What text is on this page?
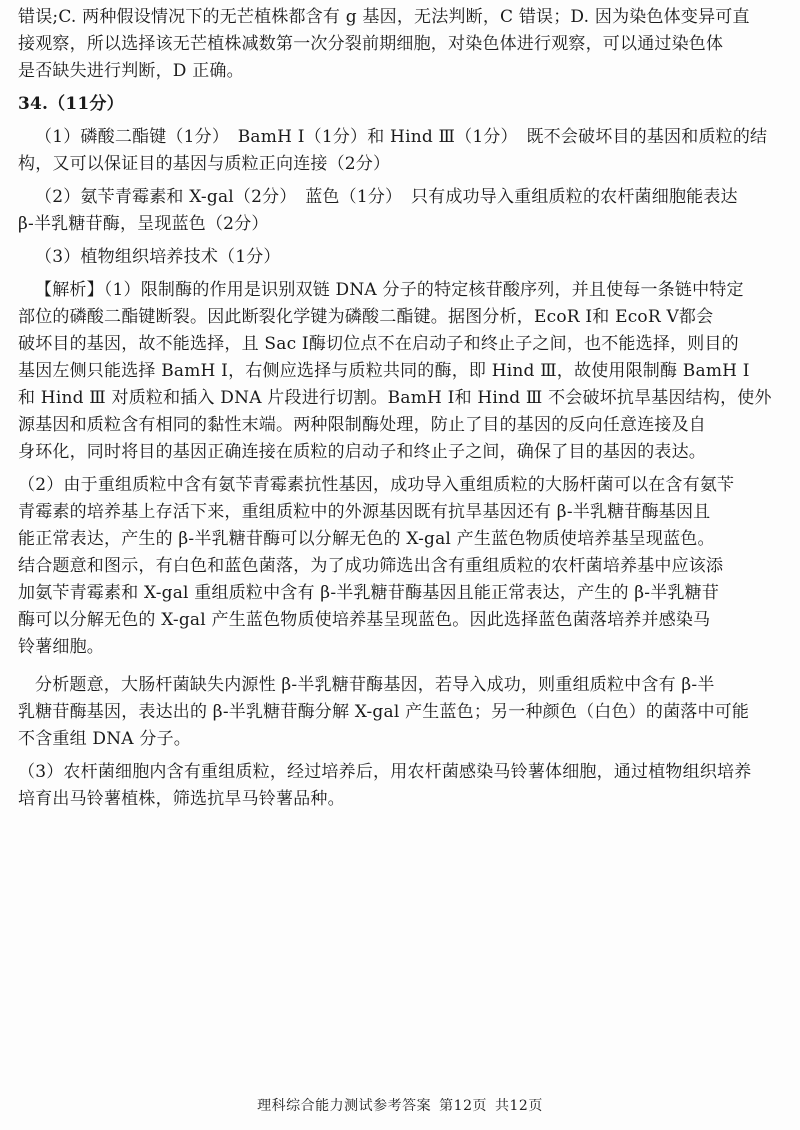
错误;C. 两种假设情况下的无芒植株都含有 g 基因，无法判断，C 错误；D. 因为染色体变异可直
接观察，所以选择该无芒植株减数第一次分裂前期细胞，对染色体进行观察，可以通过染色体
是否缺失进行判断，D 正确。
34.（11分）
（1）磷酸二酯键（1分）　BamH Ⅰ（1分）和 Hind Ⅲ（1分）　既不会破坏目的基因和质粒的结
构，又可以保证目的基因与质粒正向连接（2分）
（2）氨苄青霉素和 X-gal（2分）　蓝色（1分）　只有成功导入重组质粒的农杆菌细胞能表达
β-半乳糖苷酶，呈现蓝色（2分）
（3）植物组织培养技术（1分）
【解析】（1）限制酶的作用是识别双链 DNA 分子的特定核苷酸序列，并且使每一条链中特定
部位的磷酸二酯键断裂。因此断裂化学键为磷酸二酯键。据图分析，EcoR Ⅰ和 EcoR Ⅴ都会
破坏目的基因，故不能选择，且 Sac Ⅰ酶切位点不在启动子和终止子之间，也不能选择，则目的
基因左侧只能选择 BamH Ⅰ，右侧应选择与质粒共同的酶，即 Hind Ⅲ，故使用限制酶 BamH Ⅰ
和 Hind Ⅲ 对质粒和插入 DNA 片段进行切割。BamH Ⅰ和 Hind Ⅲ 不会破坏抗旱基因结构，使外
源基因和质粒含有相同的黏性末端。两种限制酶处理，防止了目的基因的反向任意连接及自
身环化，同时将目的基因正确连接在质粒的启动子和终止子之间，确保了目的基因的表达。
（2）由于重组质粒中含有氨苄青霉素抗性基因，成功导入重组质粒的大肠杆菌可以在含有氨苄
青霉素的培养基上存活下来，重组质粒中的外源基因既有抗旱基因还有 β-半乳糖苷酶基因且
能正常表达，产生的 β-半乳糖苷酶可以分解无色的 X-gal 产生蓝色物质使培养基呈现蓝色。
结合题意和图示，有白色和蓝色菌落，为了成功筛选出含有重组质粒的农杆菌培养基中应该添
加氨苄青霉素和 X-gal 重组质粒中含有 β-半乳糖苷酶基因且能正常表达，产生的 β-半乳糖苷
酶可以分解无色的 X-gal 产生蓝色物质使培养基呈现蓝色。因此选择蓝色菌落培养并感染马
铃薯细胞。
分析题意，大肠杆菌缺失内源性 β-半乳糖苷酶基因，若导入成功，则重组质粒中含有 β-半
乳糖苷酶基因，表达出的 β-半乳糖苷酶分解 X-gal 产生蓝色；另一种颜色（白色）的菌落中可能
不含重组 DNA 分子。
（3）农杆菌细胞内含有重组质粒，经过培养后，用农杆菌感染马铃薯体细胞，通过植物组织培养
培育出马铃薯植株，筛选抗旱马铃薯品种。
理科综合能力测试参考答案 第12页 共12页
